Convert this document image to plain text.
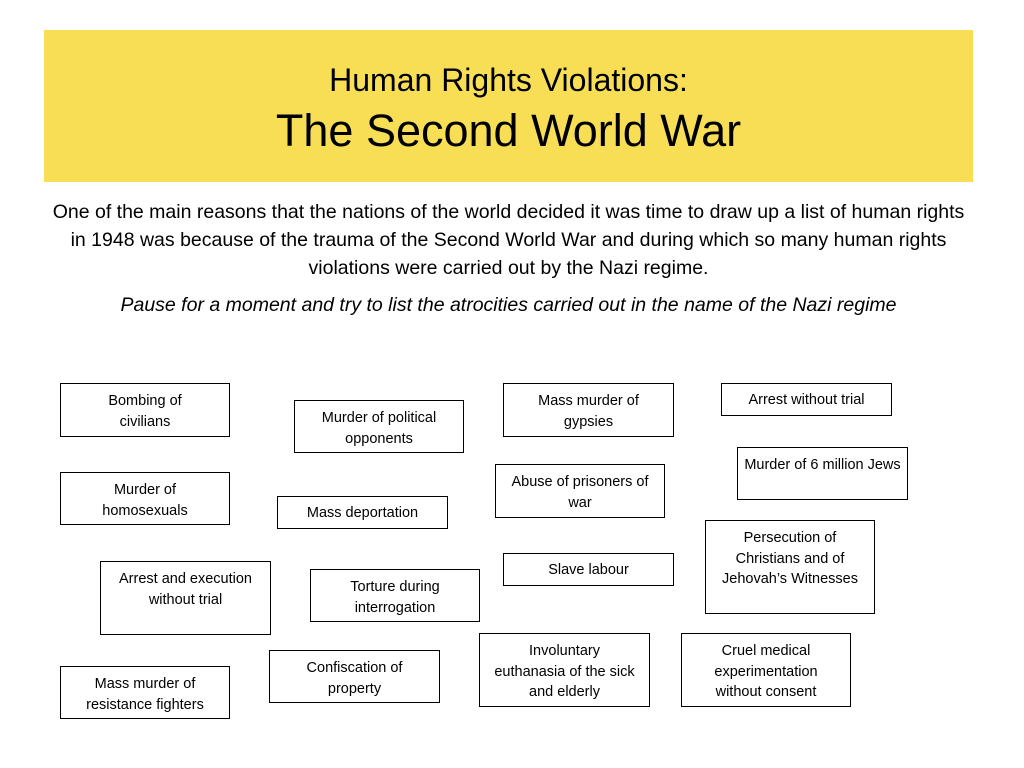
Human Rights Violations:
The Second World War
One of the main reasons that the nations of the world decided it was time to draw up a list of human rights in 1948 was because of the trauma of the Second World War and during which so many human rights violations were carried out by the Nazi regime.
Pause for a moment and try to list the atrocities carried out in the name of the Nazi regime
Bombing of civilians	Murder of political opponents
Mass murder of gypsies
Arrest without trial
Murder of 6 million Jews
Abuse of prisoners of war
Murder of homosexuals	Mass deportation
Persecution of Christians and of Jehovah’s Witnesses
Slave labour
Arrest and execution without trial
Torture during interrogation
Involuntary euthanasia of the sick and elderly
Cruel medical experimentation without consent
Confiscation of property
Mass murder of resistance fighters
